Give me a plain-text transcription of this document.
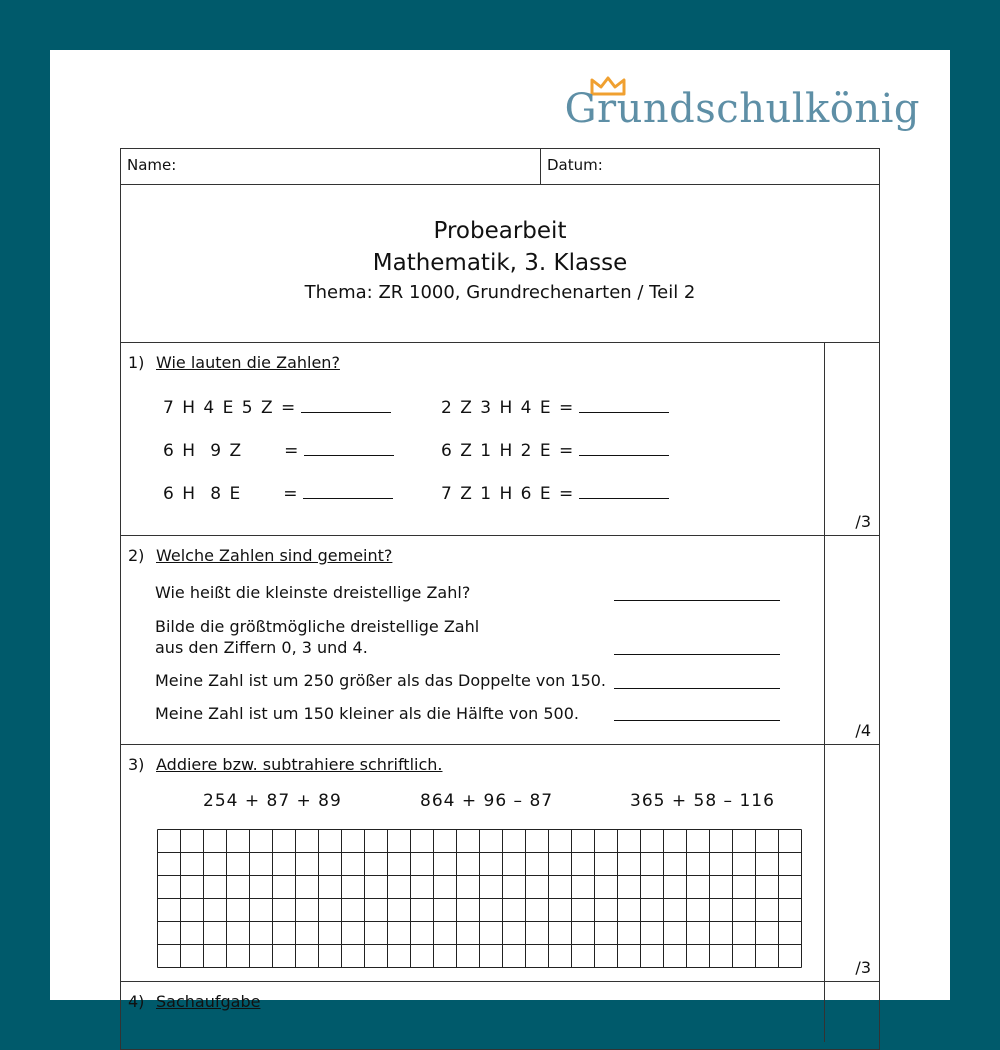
Grundschulkönig
Name:	Datum:
Probearbeit
Mathematik, 3. Klasse
Thema: ZR 1000, Grundrechenarten / Teil 2
1) Wie lauten die Zahlen?
7 H 4 E 5 Z =	2 Z 3 H 4 E =
6 H  9 Z      =	6 Z 1 H 2 E =
6 H  8 E      =	7 Z 1 H 6 E =
/3
2) Welche Zahlen sind gemeint?
Wie heißt die kleinste dreistellige Zahl?
Bilde die größtmögliche dreistellige Zahl
aus den Ziffern 0, 3 und 4.
Meine Zahl ist um 250 größer als das Doppelte von 150.
Meine Zahl ist um 150 kleiner als die Hälfte von 500.
/4
3) Addiere bzw. subtrahiere schriftlich.
254 + 87 + 89	864 + 96 – 87	365 + 58 – 116
/3
4) Sachaufgabe
